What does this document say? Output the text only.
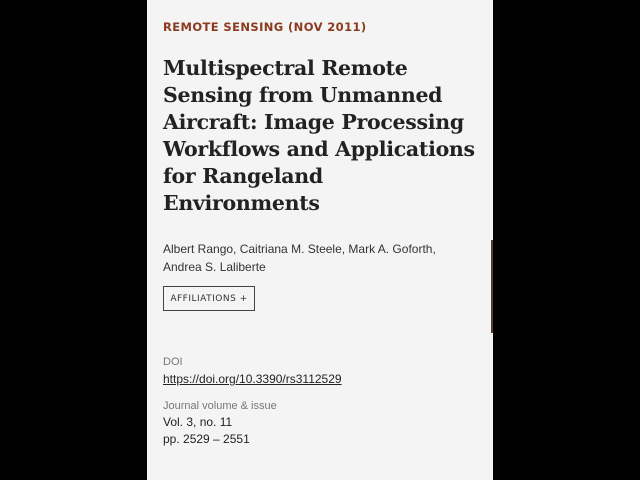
REMOTE SENSING (NOV 2011)
Multispectral Remote Sensing from Unmanned Aircraft: Image Processing Workflows and Applications for Rangeland Environments
Albert Rango, Caitriana M. Steele, Mark A. Goforth,
Andrea S. Laliberte
AFFILIATIONS +
DOI
https://doi.org/10.3390/rs3112529
Journal volume & issue
Vol. 3, no. 11
pp. 2529 – 2551
